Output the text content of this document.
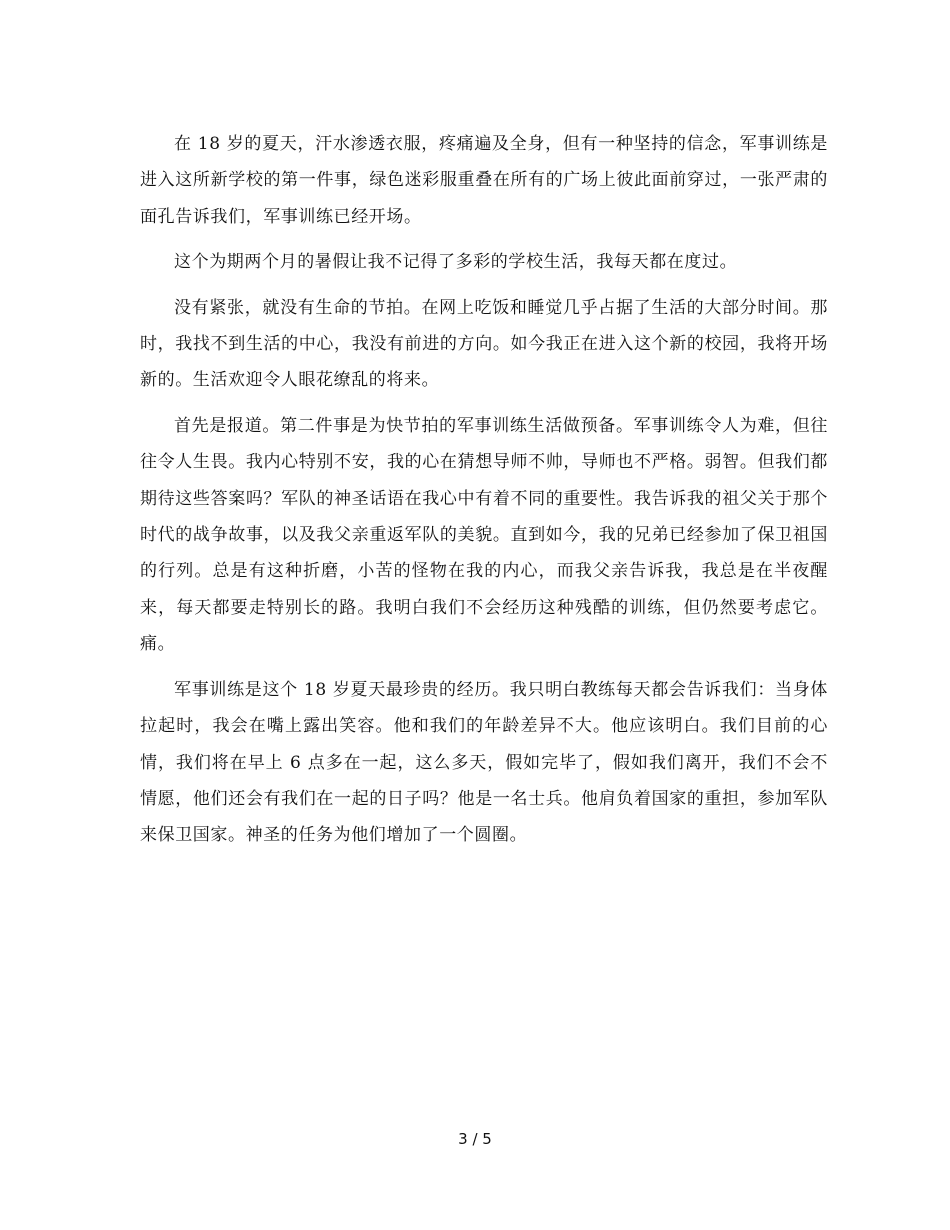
在 18 岁的夏天，汗水渗透衣服，疼痛遍及全身，但有一种坚持的信念，军事训练是进入这所新学校的第一件事，绿色迷彩服重叠在所有的广场上彼此面前穿过，一张严肃的面孔告诉我们，军事训练已经开场。

这个为期两个月的暑假让我不记得了多彩的学校生活，我每天都在度过。

没有紧张，就没有生命的节拍。在网上吃饭和睡觉几乎占据了生活的大部分时间。那时，我找不到生活的中心，我没有前进的方向。如今我正在进入这个新的校园，我将开场新的。生活欢迎令人眼花缭乱的将来。

首先是报道。第二件事是为快节拍的军事训练生活做预备。军事训练令人为难，但往往令人生畏。我内心特别不安，我的心在猜想导师不帅，导师也不严格。弱智。但我们都期待这些答案吗？军队的神圣话语在我心中有着不同的重要性。我告诉我的祖父关于那个时代的战争故事，以及我父亲重返军队的美貌。直到如今，我的兄弟已经参加了保卫祖国的行列。总是有这种折磨，小苦的怪物在我的内心，而我父亲告诉我，我总是在半夜醒来，每天都要走特别长的路。我明白我们不会经历这种残酷的训练，但仍然要考虑它。痛。

军事训练是这个 18 岁夏天最珍贵的经历。我只明白教练每天都会告诉我们：当身体拉起时，我会在嘴上露出笑容。他和我们的年龄差异不大。他应该明白。我们目前的心情，我们将在早上 6 点多在一起，这么多天，假如完毕了，假如我们离开，我们不会不情愿，他们还会有我们在一起的日子吗？他是一名士兵。他肩负着国家的重担，参加军队来保卫国家。神圣的任务为他们增加了一个圆圈。

3 / 5
